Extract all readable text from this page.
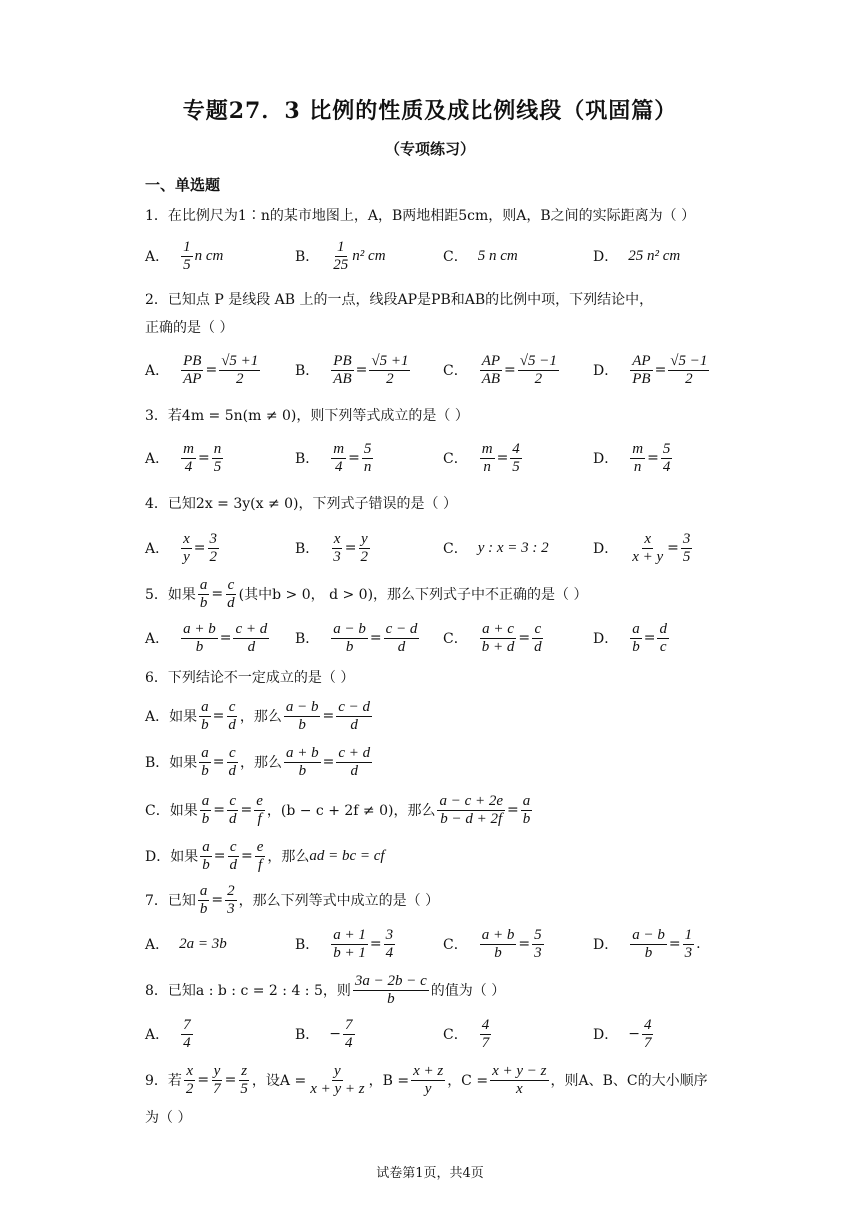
专题27．3 比例的性质及成比例线段（巩固篇）
（专项练习）
一、单选题
1．在比例尺为1∶n的某市地图上，A，B两地相距5cm，则A，B之间的实际距离为（ ）
A． $\frac{1}{5}$ n cm	B． $\frac{1}{25} n^2$ cm	C． 5 n cm	D． 25 n² cm
2．已知点 P 是线段 AB 上的一点，线段AP是PB和AB的比例中项，下列结论中，
正确的是（ ）
A． $\frac{PB}{AP} = \frac{√5 +1}{2}$ B． $\frac{PB}{AB} = \frac{√5 +1}{2}$ C． $\frac{AP}{AB} = \frac{√5 -1}{2}$ D． $\frac{AP}{PB} = \frac{√5 -1}{2}$
3．若4m = 5n(m ≠ 0)，则下列等式成立的是（ ）
A． $\frac{m}{4} = \frac{n}{5}$	B． $\frac{m}{4} = \frac{5}{n}$	C． $\frac{m}{n} = \frac{4}{5}$	D． $\frac{m}{n} = \frac{5}{4}$
4．已知2x = 3y(x ≠ 0)，下列式子错误的是（ ）
A． $\frac{x}{y} = \frac{3}{2}$	B． $\frac{x}{3} = \frac{y}{2}$	C． y : x = 3 : 2	D． $\frac{x}{x + y} = \frac{3}{5}$
5．如果 $\frac{a}{b} = \frac{c}{d}$ (其中b > 0， d > 0)，那么下列式子中不正确的是（ ）
A． $\frac{a + b}{b} = \frac{c + d}{d}$ B． $\frac{a - b}{b} = \frac{c - d}{d}$ C． $\frac{a + c}{b + d} = \frac{c}{d}$	D． $\frac{a}{b} = \frac{d}{c}$
6．下列结论不一定成立的是（ ）
A．如果 $\frac{a}{b} = \frac{c}{d}$ ，那么 $\frac{a - b}{b} = \frac{c - d}{d}$
B．如果 $\frac{a}{b} = \frac{c}{d}$ ，那么 $\frac{a + b}{b} = \frac{c + d}{d}$
C．如果 $\frac{a}{b} = \frac{c}{d} = \frac{e}{f}$ ，(b − c + 2f ≠ 0)，那么 $\frac{a - c + 2e}{b - d + 2f} = \frac{a}{b}$
D．如果 $\frac{a}{b} = \frac{c}{d} = \frac{e}{f}$ ，那么 ad = bc = cf
7．已知 $\frac{a}{b} = \frac{2}{3}$ ，那么下列等式中成立的是（ ）
A． 2a = 3b	B． $\frac{a + 1}{b + 1} = \frac{3}{4}$	C． $\frac{a + b}{b} = \frac{5}{3}$	D． $\frac{a - b}{b} = \frac{1}{3}$ .
8．已知a : b : c = 2 : 4 : 5，则 $\frac{3a - 2b - c}{b}$ 的值为（ ）
A． $\frac{7}{4}$	B． − $\frac{7}{4}$	C． $\frac{4}{7}$	D． − $\frac{4}{7}$
9．若 $\frac{x}{2} = \frac{y}{7} = \frac{z}{5}$ ，设$A = \frac{y}{x + y + z}$ ，$B = \frac{x + z}{y}$ ，$C = \frac{x + y - z}{x}$ ，则A、B、C的大小顺序
为（ ）
试卷第1页，共4页
